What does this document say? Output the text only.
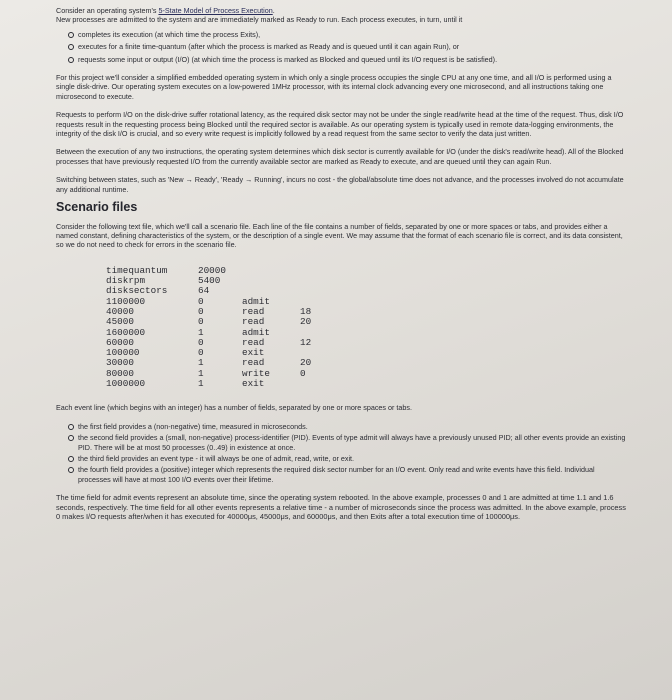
Consider an operating system's 5-State Model of Process Execution.
New processes are admitted to the system and are immediately marked as Ready to run. Each process executes, in turn, until it

completes its execution (at which time the process Exits),
executes for a finite time-quantum (after which the process is marked as Ready and is queued until it can again Run), or
requests some input or output (I/O) (at which time the process is marked as Blocked and queued until its I/O request is be satisfied).

For this project we'll consider a simplified embedded operating system in which only a single process occupies the single CPU at any one time, and all I/O is performed using a single disk-drive. Our operating system executes on a low-powered 1MHz processor, with its internal clock advancing every one microsecond, and all instructions taking one microsecond to execute.

Requests to perform I/O on the disk-drive suffer rotational latency, as the required disk sector may not be under the single read/write head at the time of the request. Thus, disk I/O requests result in the requesting process being Blocked until the required sector is available. As our operating system is typically used in remote data-logging environments, the integrity of the disk I/O is crucial, and so every write request is implicitly followed by a read request from the same sector to verify the data just written.

Between the execution of any two instructions, the operating system determines which disk sector is currently available for I/O (under the disk's read/write head). All of the Blocked processes that have previously requested I/O from the currently available sector are marked as Ready to execute, and are queued until they can again Run.

Switching between states, such as 'New → Ready', 'Ready → Running', incurs no cost - the global/absolute time does not advance, and the processes involved do not accumulate any additional runtime.

Scenario files

Consider the following text file, which we'll call a scenario file. Each line of the file contains a number of fields, separated by one or more spaces or tabs, and provides either a named constant, defining characteristics of the system, or the description of a single event. We may assume that the format of each scenario file is correct, and its data consistent, so we do not need to check for errors in the scenario file.

timequantum	20000
diskrpm	5400
disksectors	64
1100000	0	admit
40000	0	read	18
45000	0	read	20
1600000	1	admit
60000	0	read	12
100000	0	exit
30000	1	read	20
80000	1	write	0
1000000	1	exit

Each event line (which begins with an integer) has a number of fields, separated by one or more spaces or tabs.

the first field provides a (non-negative) time, measured in microseconds.
the second field provides a (small, non-negative) process-identifier (PID). Events of type admit will always have a previously unused PID; all other events provide an existing PID. There will be at most 50 processes (0..49) in existence at once.
the third field provides an event type - it will always be one of admit, read, write, or exit.
the fourth field provides a (positive) integer which represents the required disk sector number for an I/O event. Only read and write events have this field. Individual processes will have at most 100 I/O events over their lifetime.

The time field for admit events represent an absolute time, since the operating system rebooted. In the above example, processes 0 and 1 are admitted at time 1.1 and 1.6 seconds, respectively. The time field for all other events represents a relative time - a number of microseconds since the process was admitted. In the above example, process 0 makes I/O requests after/when it has executed for 40000μs, 45000μs, and 60000μs, and then Exits after a total execution time of 100000μs.
